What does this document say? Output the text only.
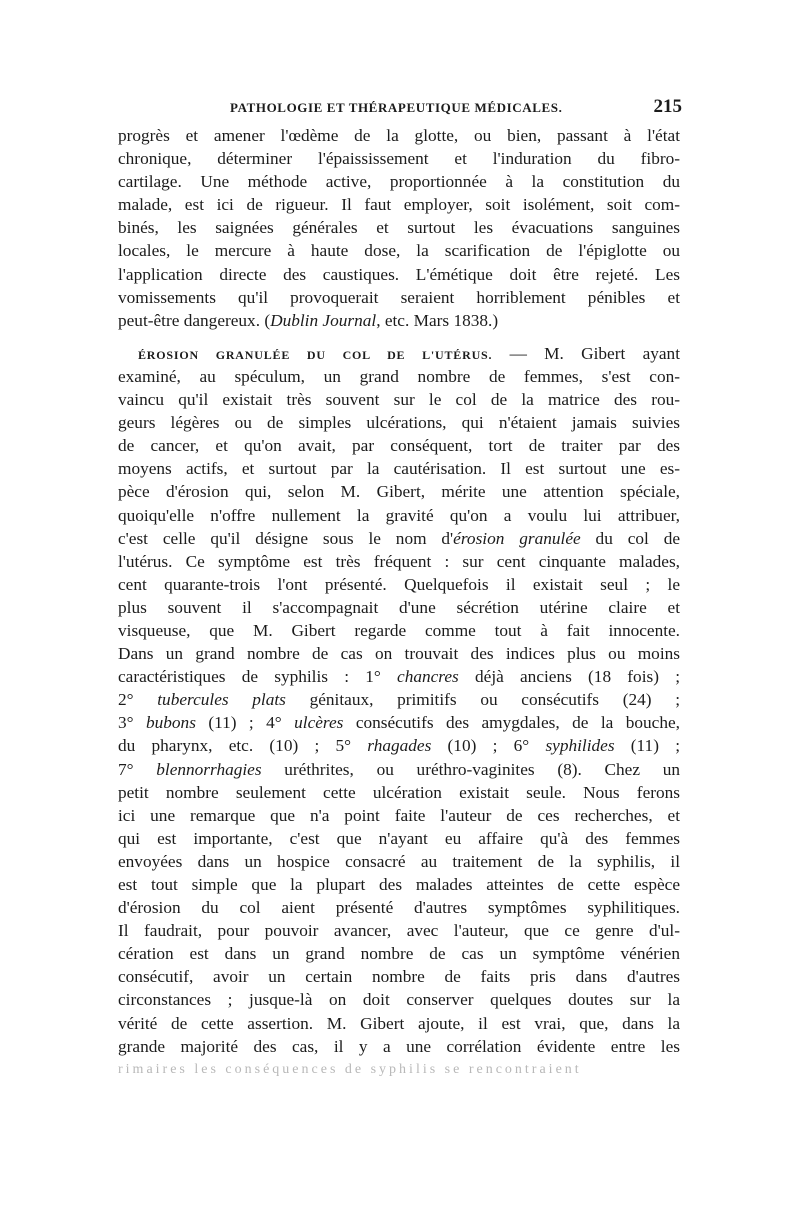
PATHOLOGIE ET THÉRAPEUTIQUE MÉDICALES.	215
progrès et amener l'œdème de la glotte, ou bien, passant à l'état
chronique, déterminer l'épaississement et l'induration du fibro-
cartilage. Une méthode active, proportionnée à la constitution du
malade, est ici de rigueur. Il faut employer, soit isolément, soit com-
binés, les saignées générales et surtout les évacuations sanguines
locales, le mercure à haute dose, la scarification de l'épiglotte ou
l'application directe des caustiques. L'émétique doit être rejeté. Les
vomissements qu'il provoquerait seraient horriblement pénibles et
peut-être dangereux. (Dublin Journal, etc. Mars 1838.)
ÉROSION GRANULÉE DU COL DE L'UTÉRUS. — M. Gibert ayant
examiné, au spéculum, un grand nombre de femmes, s'est con-
vaincu qu'il existait très souvent sur le col de la matrice des rou-
geurs légères ou de simples ulcérations, qui n'étaient jamais suivies
de cancer, et qu'on avait, par conséquent, tort de traiter par des
moyens actifs, et surtout par la cautérisation. Il est surtout une es-
pèce d'érosion qui, selon M. Gibert, mérite une attention spéciale,
quoiqu'elle n'offre nullement la gravité qu'on a voulu lui attribuer,
c'est celle qu'il désigne sous le nom d'érosion granulée du col de
l'utérus. Ce symptôme est très fréquent : sur cent cinquante malades,
cent quarante-trois l'ont présenté. Quelquefois il existait seul ; le
plus souvent il s'accompagnait d'une sécrétion utérine claire et
visqueuse, que M. Gibert regarde comme tout à fait innocente.
Dans un grand nombre de cas on trouvait des indices plus ou moins
caractéristiques de syphilis : 1° chancres déjà anciens (18 fois) ;
2° tubercules plats génitaux, primitifs ou consécutifs (24) ;
3° bubons (11) ; 4° ulcères consécutifs des amygdales, de la bouche,
du pharynx, etc. (10) ; 5° rhagades (10) ; 6° syphilides (11) ;
7° blennorrhagies uréthrites, ou uréthro-vaginites (8). Chez un
petit nombre seulement cette ulcération existait seule. Nous ferons
ici une remarque que n'a point faite l'auteur de ces recherches, et
qui est importante, c'est que n'ayant eu affaire qu'à des femmes
envoyées dans un hospice consacré au traitement de la syphilis, il
est tout simple que la plupart des malades atteintes de cette espèce
d'érosion du col aient présenté d'autres symptômes syphilitiques.
Il faudrait, pour pouvoir avancer, avec l'auteur, que ce genre d'ul-
cération est dans un grand nombre de cas un symptôme vénérien
consécutif, avoir un certain nombre de faits pris dans d'autres
circonstances ; jusque-là on doit conserver quelques doutes sur la
vérité de cette assertion. M. Gibert ajoute, il est vrai, que, dans la
grande majorité des cas, il y a une corrélation évidente entre les
rimaires les conséquences de syphilis se rencontraient
